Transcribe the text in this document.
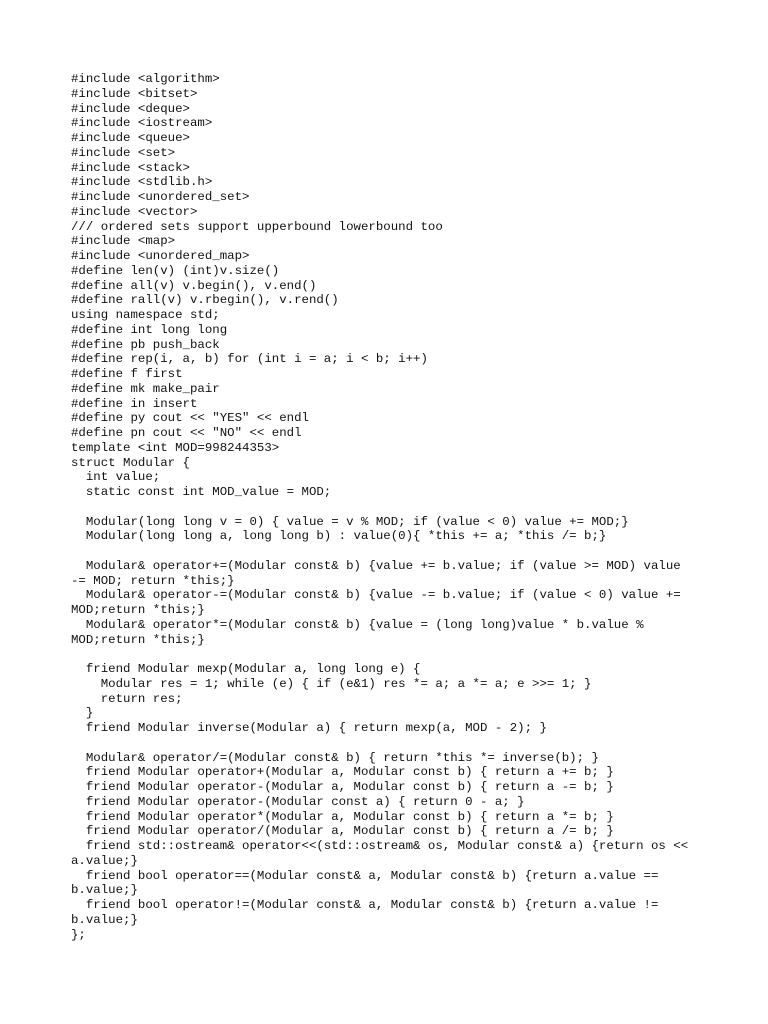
#include <algorithm>
#include <bitset>
#include <deque>
#include <iostream>
#include <queue>
#include <set>
#include <stack>
#include <stdlib.h>
#include <unordered_set>
#include <vector>
/// ordered sets support upperbound lowerbound too
#include <map>
#include <unordered_map>
#define len(v) (int)v.size()
#define all(v) v.begin(), v.end()
#define rall(v) v.rbegin(), v.rend()
using namespace std;
#define int long long
#define pb push_back
#define rep(i, a, b) for (int i = a; i < b; i++)
#define f first
#define mk make_pair
#define in insert
#define py cout << "YES" << endl
#define pn cout << "NO" << endl
template <int MOD=998244353>
struct Modular {
int value;
static const int MOD_value = MOD;
Modular(long long v = 0) { value = v % MOD; if (value < 0) value += MOD;}
Modular(long long a, long long b) : value(0){ *this += a; *this /= b;}
Modular& operator+=(Modular const& b) {value += b.value; if (value >= MOD) value
-= MOD; return *this;}
Modular& operator-=(Modular const& b) {value -= b.value; if (value < 0) value +=
MOD;return *this;}
Modular& operator*=(Modular const& b) {value = (long long)value * b.value %
MOD;return *this;}
friend Modular mexp(Modular a, long long e) {
Modular res = 1; while (e) { if (e&1) res *= a; a *= a; e >>= 1; }
return res;
}
friend Modular inverse(Modular a) { return mexp(a, MOD - 2); }
Modular& operator/=(Modular const& b) { return *this *= inverse(b); }
friend Modular operator+(Modular a, Modular const b) { return a += b; }
friend Modular operator-(Modular a, Modular const b) { return a -= b; }
friend Modular operator-(Modular const a) { return 0 - a; }
friend Modular operator*(Modular a, Modular const b) { return a *= b; }
friend Modular operator/(Modular a, Modular const b) { return a /= b; }
friend std::ostream& operator<<(std::ostream& os, Modular const& a) {return os <<
a.value;}
friend bool operator==(Modular const& a, Modular const& b) {return a.value ==
b.value;}
friend bool operator!=(Modular const& a, Modular const& b) {return a.value !=
b.value;}
};
